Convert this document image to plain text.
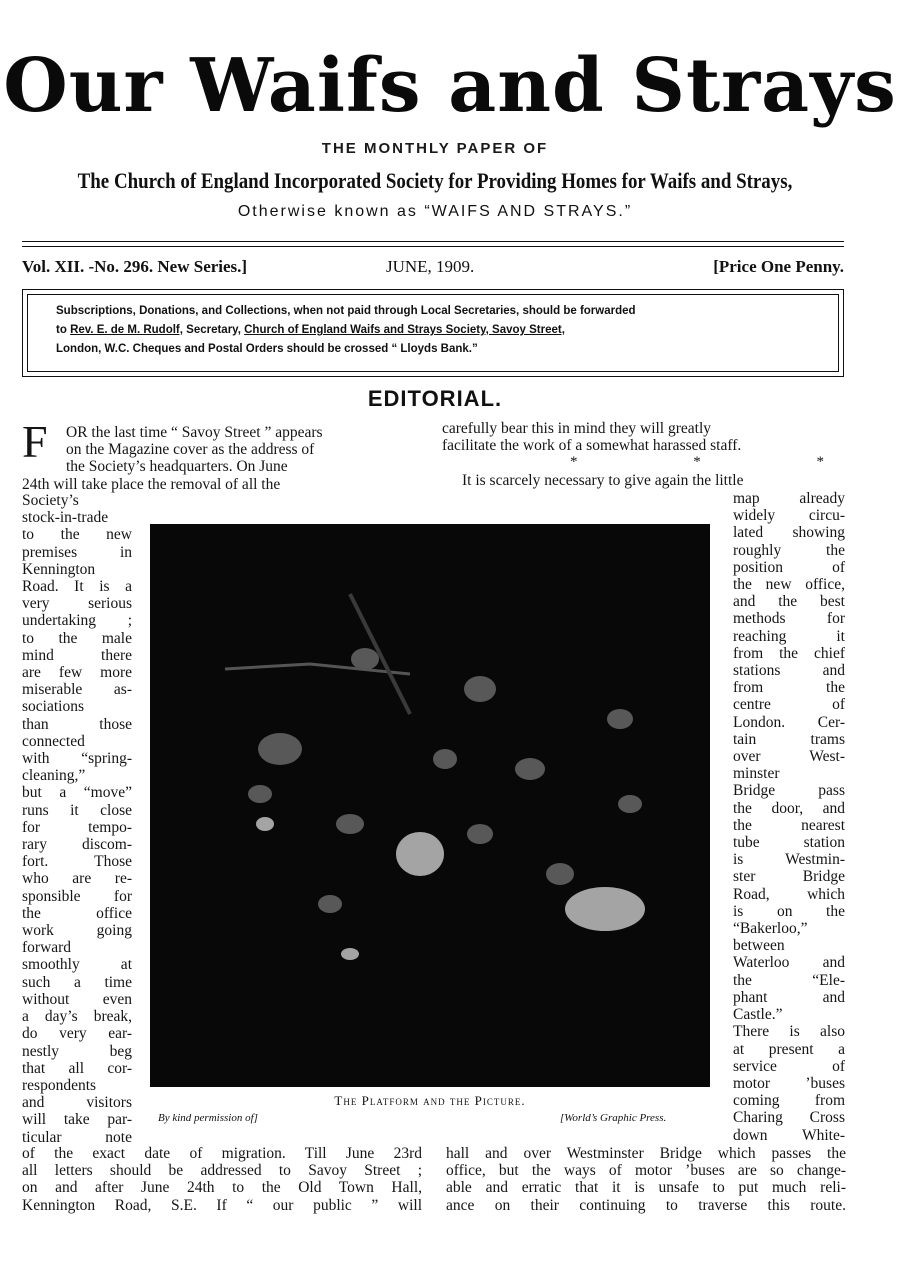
Our Waifs and Strays
THE MONTHLY PAPER OF
The Church of England Incorporated Society for Providing Homes for Waifs and Strays,
Otherwise known as “WAIFS AND STRAYS.”
Vol. XII. -No. 296. New Series.]	JUNE, 1909.	[Price One Penny.
Subscriptions, Donations, and Collections, when not paid through Local Secretaries, should be forwarded
to Rev. E. de M. Rudolf, Secretary, Church of England Waifs and Strays Society, Savoy Street,
London, W.C. Cheques and Postal Orders should be crossed “ Lloyds Bank.”
EDITORIAL.
F	OR the last time “ Savoy Street ” appears
on the Magazine cover as the address of
the Society’s headquarters. On June
24th will take place the removal of all the
Society’s
stock-in-trade
to the new
premises in
Kennington
Road. It is a
very serious
undertaking ;
to the male
mind there
are few more
miserable as-
sociations
than those
connected
with “spring-
cleaning,”
but a “move”
runs it close
for tempo-
rary discom-
fort. Those
who are re-
sponsible for
the office
work going
forward
smoothly at
such a time
without even
a day’s break,
do very ear-
nestly beg
that all cor-
respondents
and visitors
will take par-
ticular note
The Platform and the Picture.
By kind permission of]	[World’s Graphic Press.
carefully bear this in mind they will greatly
facilitate the work of a somewhat harassed staff.
* * *
It is scarcely necessary to give again the little
map already
widely circu-
lated showing
roughly the
position of
the new office,
and the best
methods for
reaching it
from the chief
stations and
from the
centre of
London. Cer-
tain trams
over West-
minster
Bridge pass
the door, and
the nearest
tube station
is Westmin-
ster Bridge
Road, which
is on the
“Bakerloo,”
between
Waterloo and
the “Ele-
phant and
Castle.”
There is also
at present a
service of
motor ’buses
coming from
Charing Cross
down White-
of the exact date of migration. Till June 23rd
all letters should be addressed to Savoy Street ;
on and after June 24th to the Old Town Hall,
Kennington Road, S.E. If “ our public ” will
hall and over Westminster Bridge which passes the
office, but the ways of motor ’buses are so change-
able and erratic that it is unsafe to put much reli-
ance on their continuing to traverse this route.
